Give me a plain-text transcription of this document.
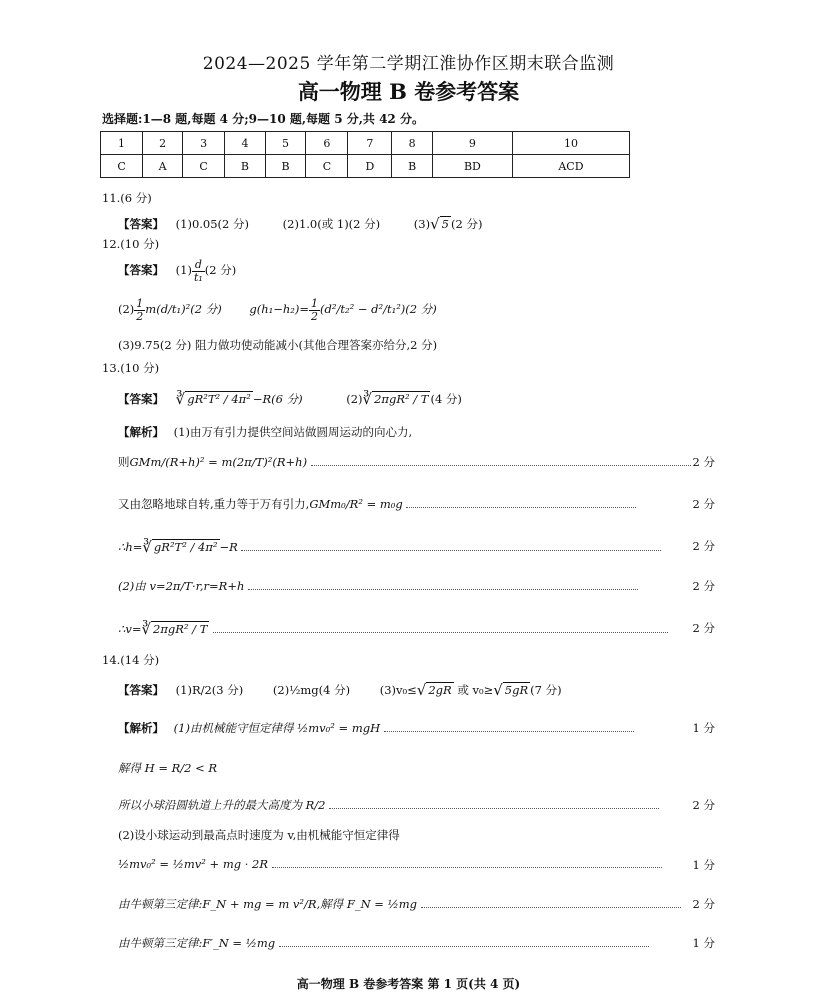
2024—2025 学年第二学期江淮协作区期末联合监测
高一物理 B 卷参考答案
选择题:1—8 题,每题 4 分;9—10 题,每题 5 分,共 42 分。
1	2	3	4	5	6	7	8	9	10
C	A	C	B	B	C	D	B	BD	ACD
11.(6 分)
【答案】 (1)0.05(2 分)	(2)1.0(或 1)(2 分)	(3)√ 5 (2 分)
12.(10 分)
【答案】 $(1) \frac{d}{\text{t₁}} (2$ 分)
$(2) \frac{1}{2} m(d/t_1)^2(2$ 分) $g(h_1-h_2)= \frac{1}{2} (d^2/t_2^2 - d^2/t_1^2)(2$ 分)
(3)9.75(2 分) 阻力做功使动能减小(其他合理答案亦给分,2 分)
13.(10 分)
【答案】 ∛ gR²T² / 4π² −R(6 分)	(2)∛ 2πgR² / T (4 分)
【解析】 (1)由万有引力提供空间站做圆周运动的向心力,
则GMm/(R+h)² = m(2π/T)²(R+h)	2 分
又由忽略地球自转,重力等于万有引力,GMm₀/R² = m₀g	2 分
∴h=∛ gR²T² / 4π² −R	2 分
(2)由 v=2π/T·r,r=R+h	2 分
∴v=∛ 2πgR² / T	2 分
14.(14 分)
【答案】 (1)R/2(3 分)	(2)½mg(4 分)	(3)v₀≤√ 2gR 或 v₀≥√ 5gR (7 分)
【解析】 (1)由机械能守恒定律得 ½mv₀² = mgH	1 分
解得 H = R/2 < R
所以小球沿圆轨道上升的最大高度为 R/2	2 分
(2)设小球运动到最高点时速度为 v,由机械能守恒定律得
½mv₀² = ½mv² + mg · 2R	1 分
由牛顿第三定律:F_N + mg = m v²/R,解得 F_N = ½mg	2 分
由牛顿第三定律:F′_N = ½mg	1 分
高一物理 B 卷参考答案 第 1 页(共 4 页)
